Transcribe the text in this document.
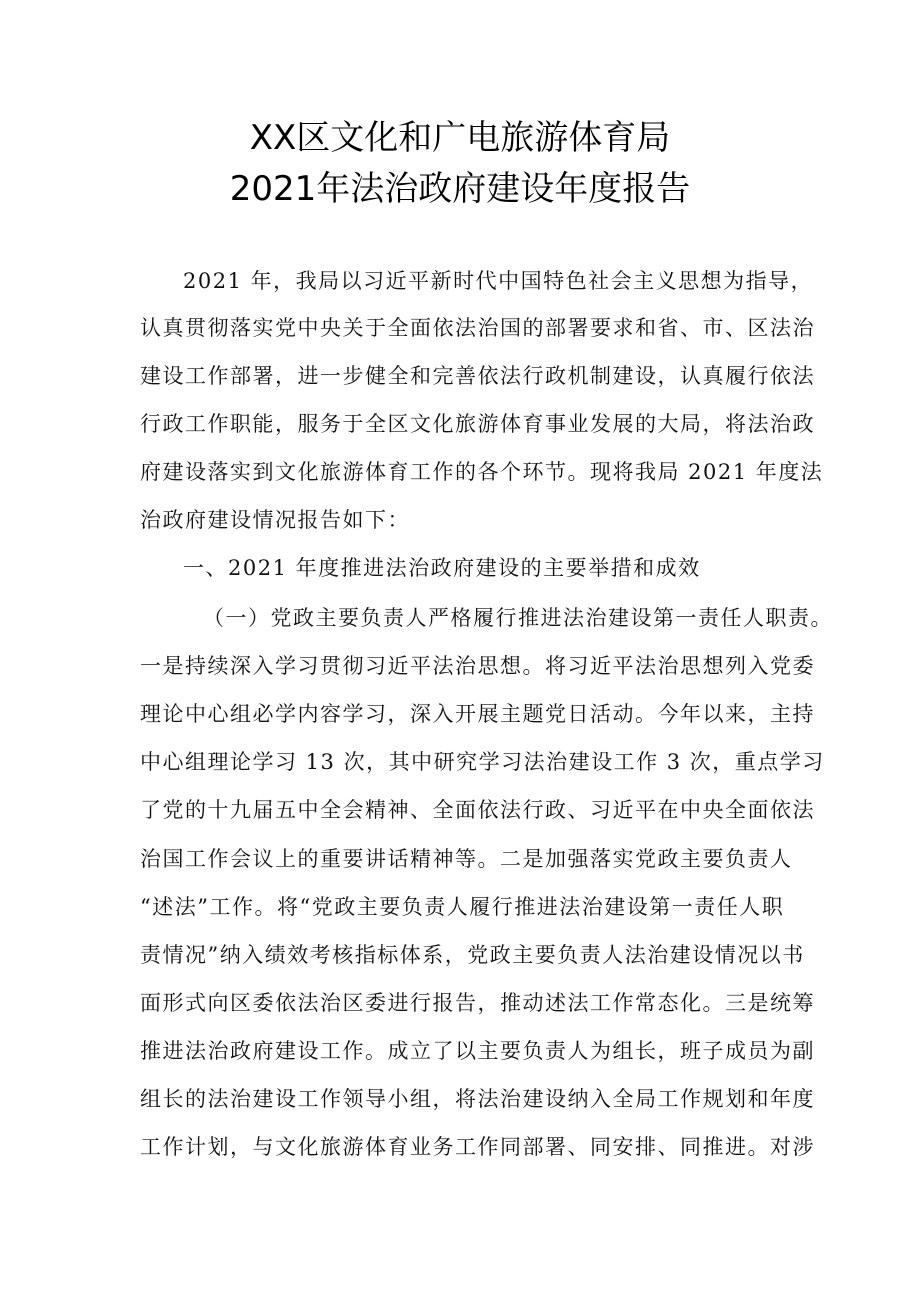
XX区文化和广电旅游体育局
2021年法治政府建设年度报告
2021 年，我局以习近平新时代中国特色社会主义思想为指导，
认真贯彻落实党中央关于全面依法治国的部署要求和省、市、区法治
建设工作部署，进一步健全和完善依法行政机制建设，认真履行依法
行政工作职能，服务于全区文化旅游体育事业发展的大局，将法治政
府建设落实到文化旅游体育工作的各个环节。现将我局 2021 年度法
治政府建设情况报告如下：
一、2021 年度推进法治政府建设的主要举措和成效
（一）党政主要负责人严格履行推进法治建设第一责任人职责。
一是持续深入学习贯彻习近平法治思想。将习近平法治思想列入党委
理论中心组必学内容学习，深入开展主题党日活动。今年以来，主持
中心组理论学习 13 次，其中研究学习法治建设工作 3 次，重点学习
了党的十九届五中全会精神、全面依法行政、习近平在中央全面依法
治国工作会议上的重要讲话精神等。二是加强落实党政主要负责人
“述法”工作。将“党政主要负责人履行推进法治建设第一责任人职
责情况”纳入绩效考核指标体系，党政主要负责人法治建设情况以书
面形式向区委依法治区委进行报告，推动述法工作常态化。三是统筹
推进法治政府建设工作。成立了以主要负责人为组长，班子成员为副
组长的法治建设工作领导小组，将法治建设纳入全局工作规划和年度
工作计划，与文化旅游体育业务工作同部署、同安排、同推进。对涉
